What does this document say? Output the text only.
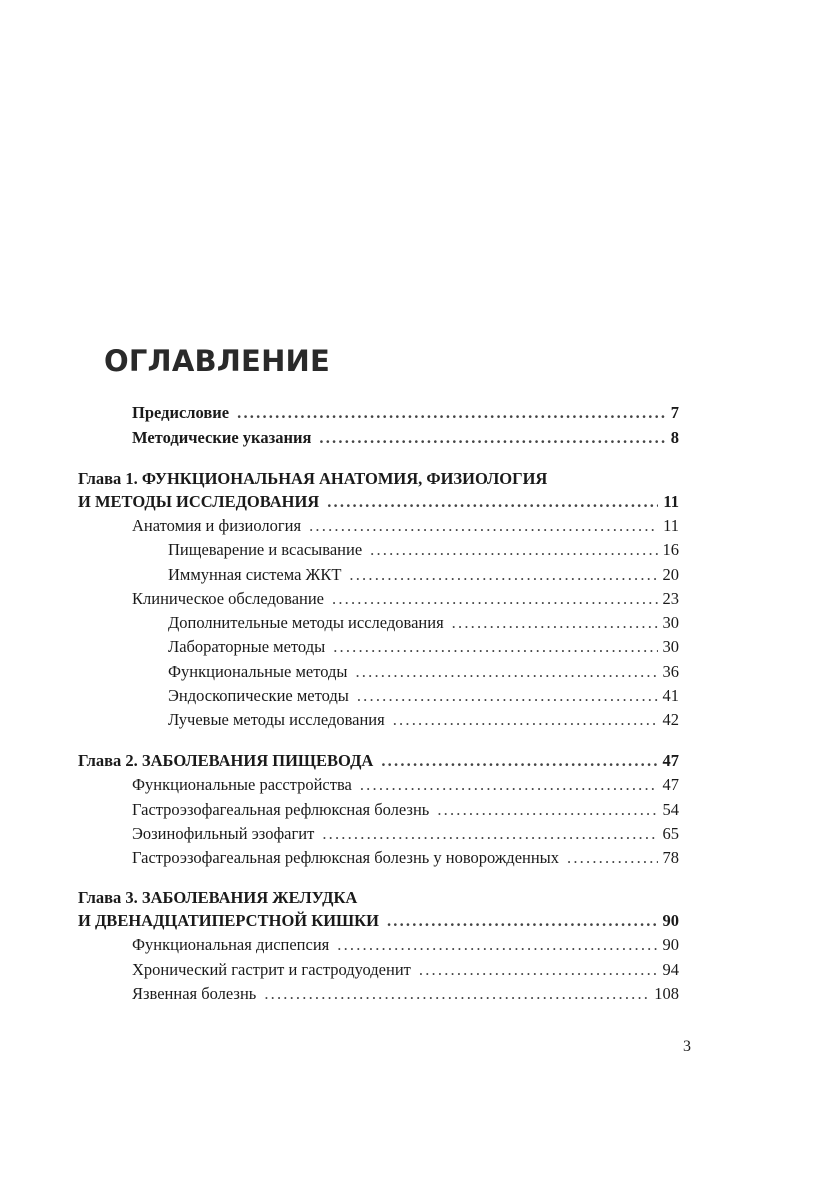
ОГЛАВЛЕНИЕ
Предисловие .....	7
Методические указания .....	8
Глава 1. ФУНКЦИОНАЛЬНАЯ АНАТОМИЯ, ФИЗИОЛОГИЯ
И МЕТОДЫ ИССЛЕДОВАНИЯ .....	11
Анатомия и физиология .....	11
Пищеварение и всасывание .....	16
Иммунная система ЖКТ .....	20
Клиническое обследование .....	23
Дополнительные методы исследования .....	30
Лабораторные методы .....	30
Функциональные методы .....	36
Эндоскопические методы .....	41
Лучевые методы исследования .....	42
Глава 2. ЗАБОЛЕВАНИЯ ПИЩЕВОДА .....	47
Функциональные расстройства .....	47
Гастроэзофагеальная рефлюксная болезнь .....	54
Эозинофильный эзофагит .....	65
Гастроэзофагеальная рефлюксная болезнь у новорожденных .....	78
Глава 3. ЗАБОЛЕВАНИЯ ЖЕЛУДКА
И ДВЕНАДЦАТИПЕРСТНОЙ КИШКИ .....	90
Функциональная диспепсия .....	90
Хронический гастрит и гастродуоденит .....	94
Язвенная болезнь .....	108
3
